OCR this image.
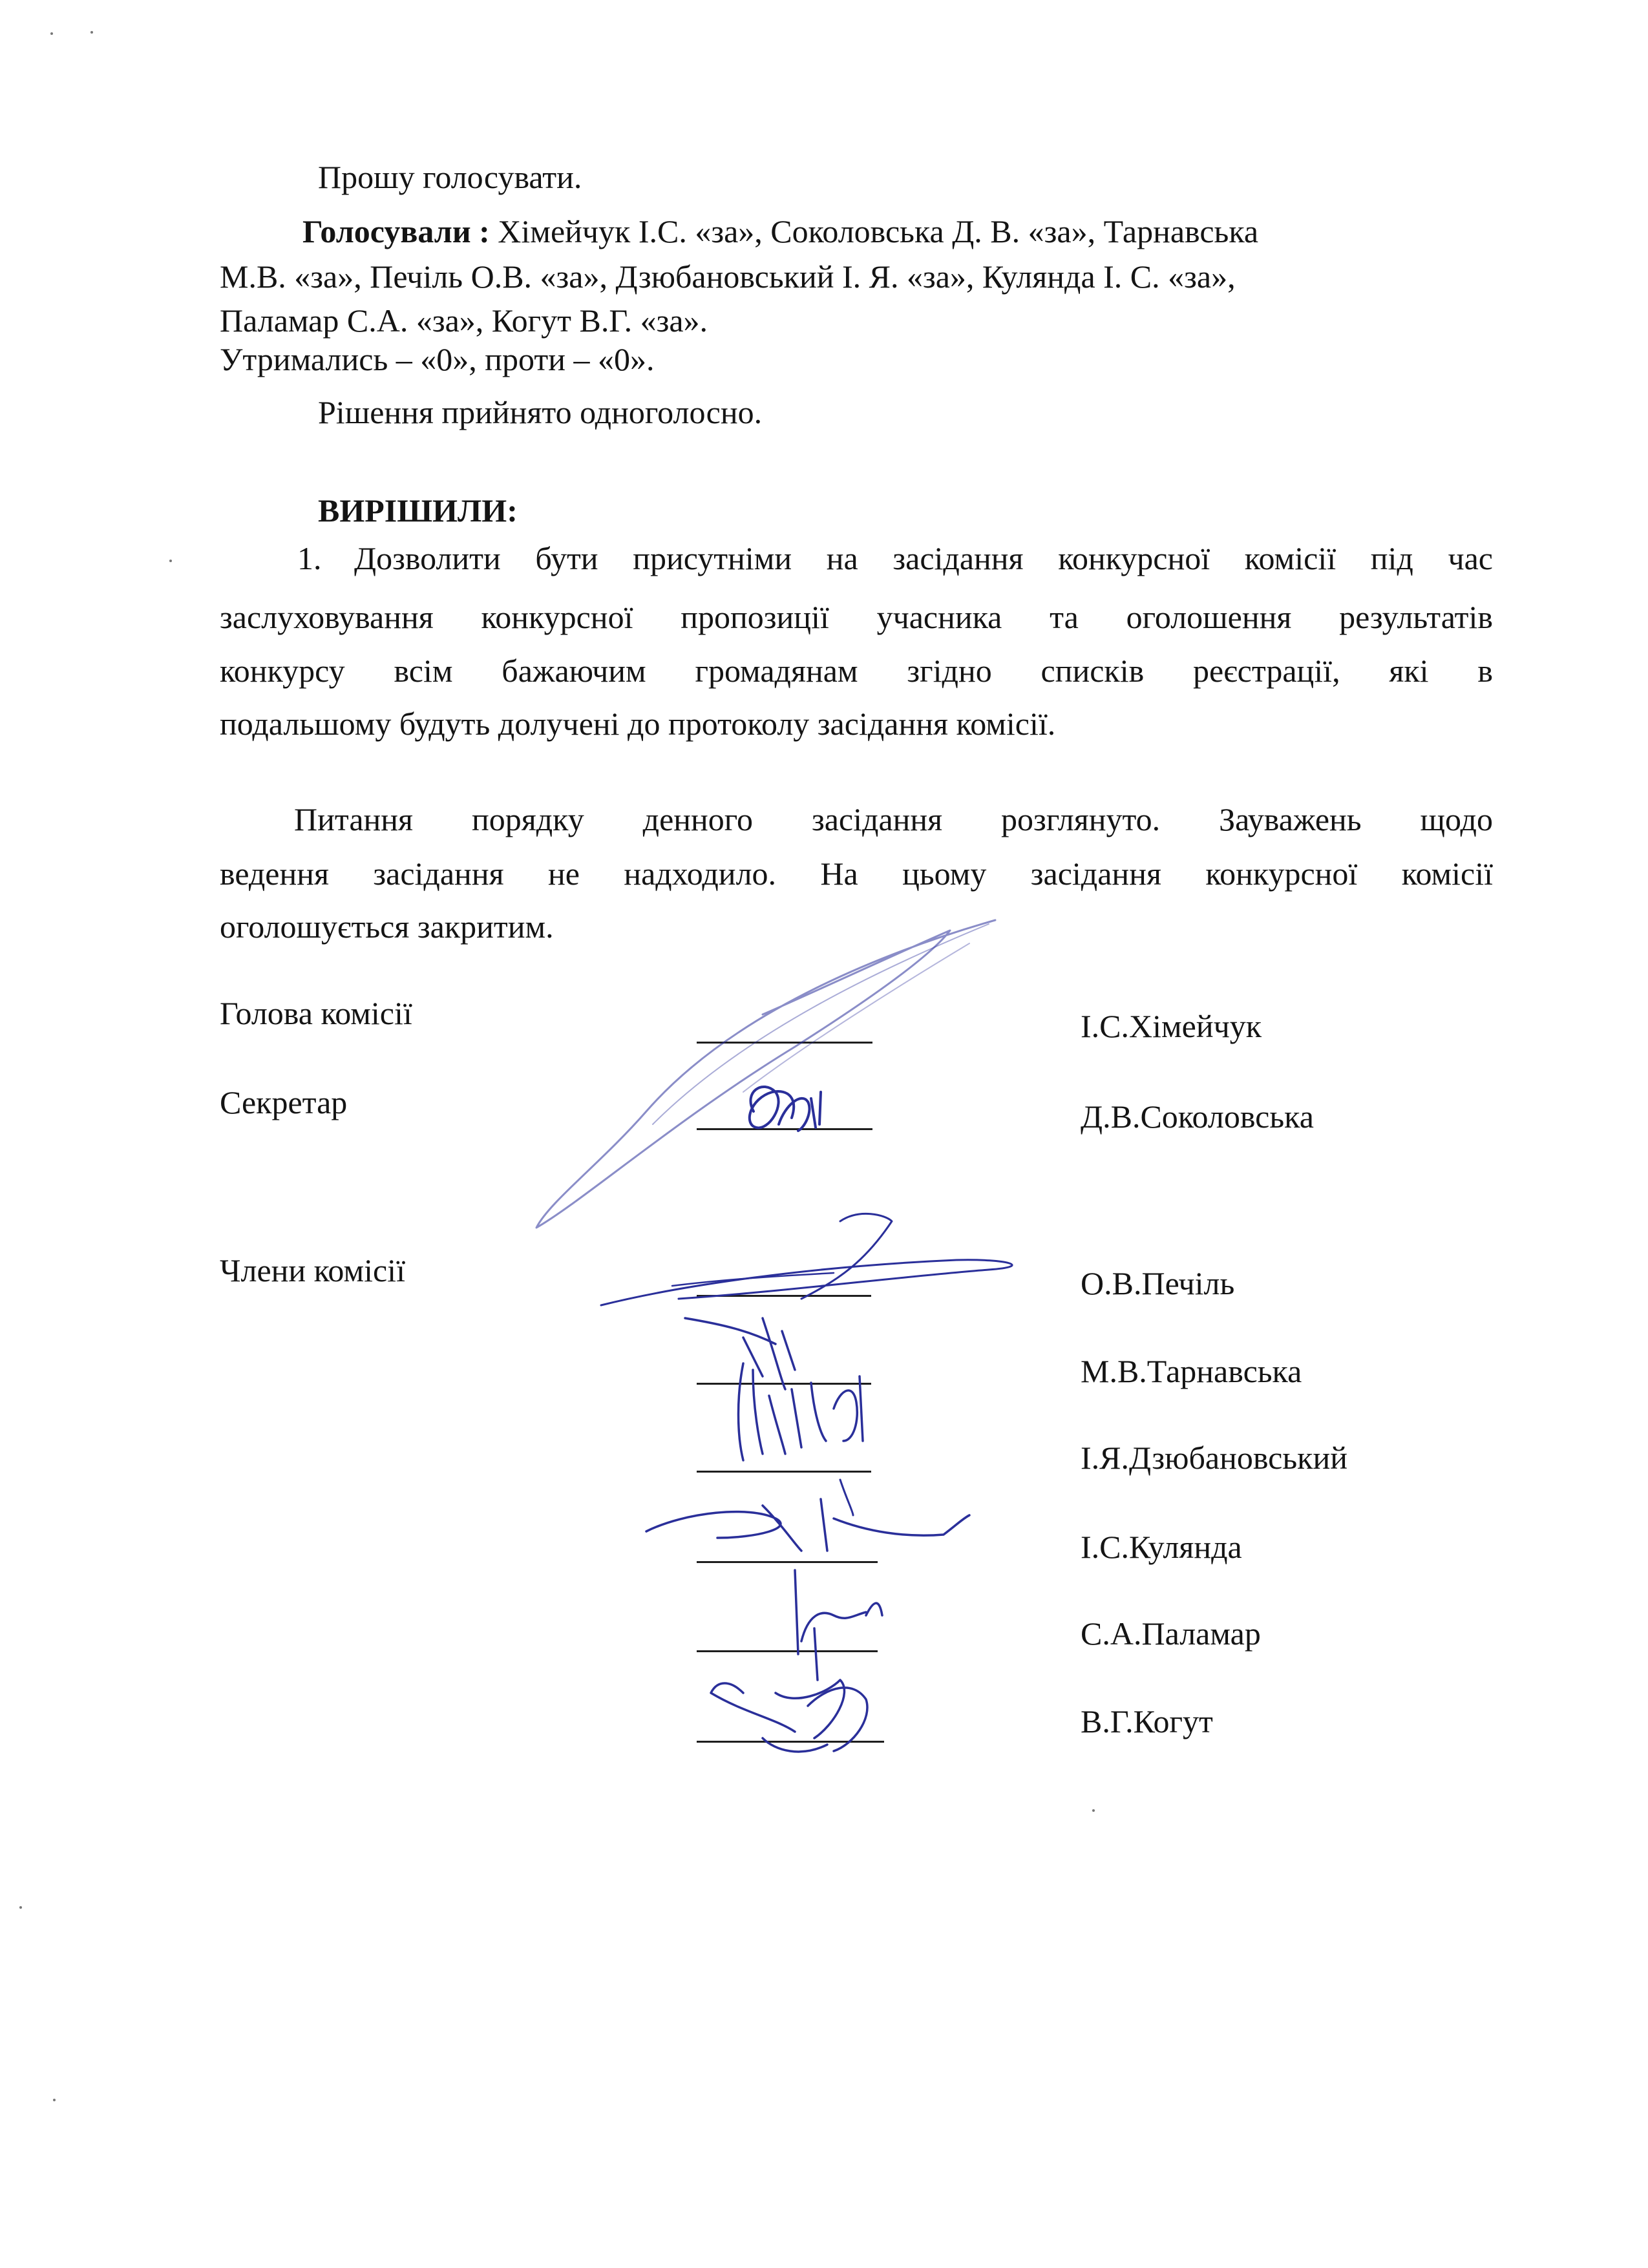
Прошу голосувати.
Голосували : Хімейчук І.С. «за», Соколовська Д. В. «за», Тарнавська
М.В. «за», Печіль О.В. «за», Дзюбановський І. Я. «за», Кулянда І. С. «за»,
Паламар С.А. «за», Когут В.Г. «за».
Утримались – «0», проти – «0».
Рішення прийнято одноголосно.
ВИРІШИЛИ:
1. Дозволити бути присутніми на засідання конкурсної комісії під час
заслуховування конкурсної пропозиції учасника та оголошення результатів
конкурсу всім бажаючим громадянам згідно списків реєстрації, які в
подальшому будуть долучені до протоколу засідання комісії.
Питання порядку денного засідання розглянуто. Зауважень щодо
ведення засідання не надходило. На цьому засідання конкурсної комісії
оголошується закритим.
Голова комісії
Секретар
Члени комісії
І.С.Хімейчук
Д.В.Соколовська
О.В.Печіль
М.В.Тарнавська
І.Я.Дзюбановський
І.С.Кулянда
С.А.Паламар
В.Г.Когут
